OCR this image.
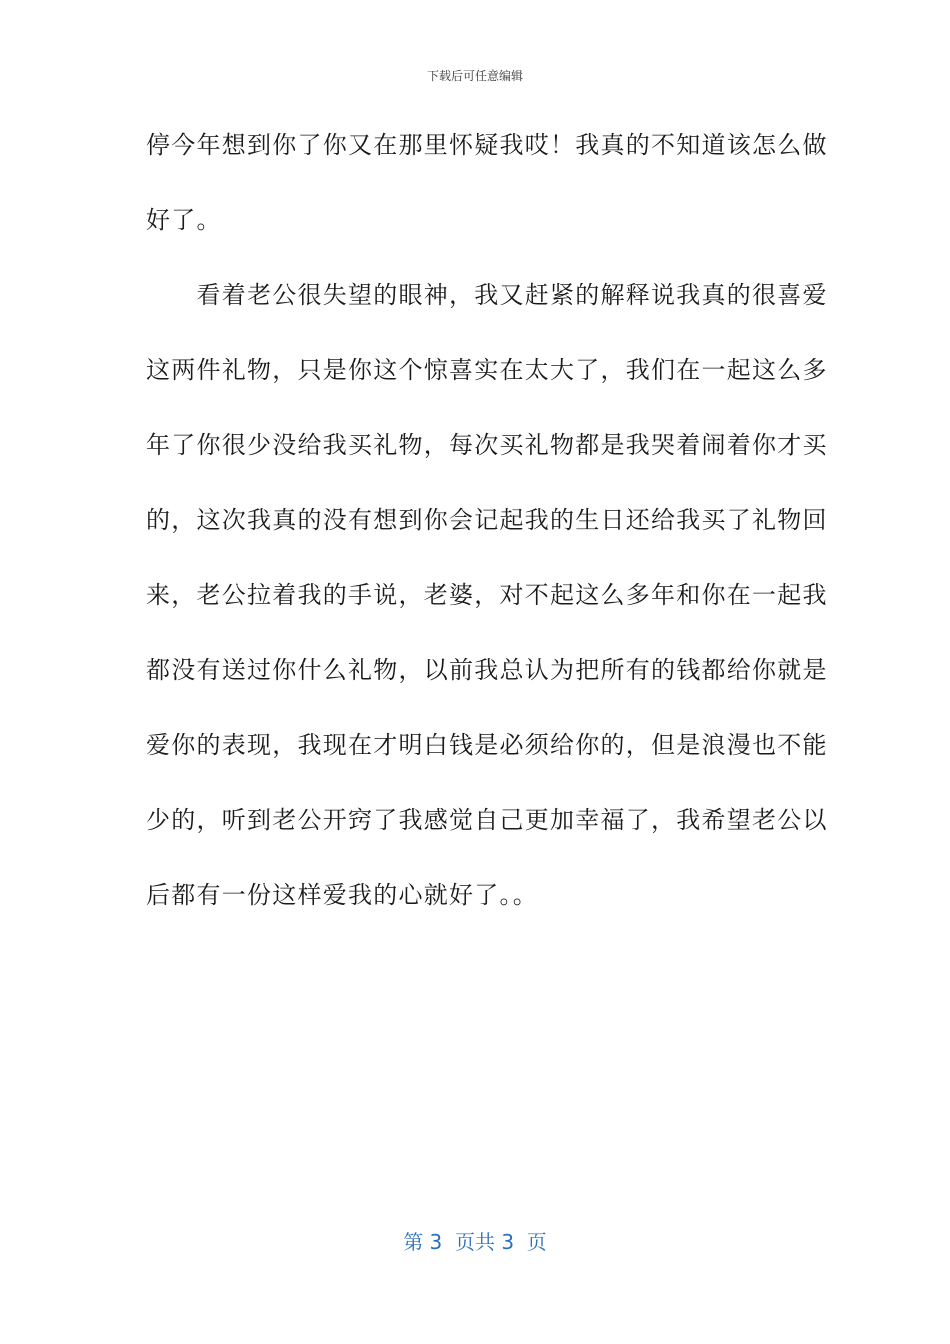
下载后可任意编辑
停今年想到你了你又在那里怀疑我哎！我真的不知道该怎么做
好了。
　　看着老公很失望的眼神，我又赶紧的解释说我真的很喜爱
这两件礼物，只是你这个惊喜实在太大了，我们在一起这么多
年了你很少没给我买礼物，每次买礼物都是我哭着闹着你才买
的，这次我真的没有想到你会记起我的生日还给我买了礼物回
来，老公拉着我的手说，老婆，对不起这么多年和你在一起我
都没有送过你什么礼物，以前我总认为把所有的钱都给你就是
爱你的表现，我现在才明白钱是必须给你的，但是浪漫也不能
少的，听到老公开窍了我感觉自己更加幸福了，我希望老公以
后都有一份这样爱我的心就好了。。
第 3  页共 3  页
